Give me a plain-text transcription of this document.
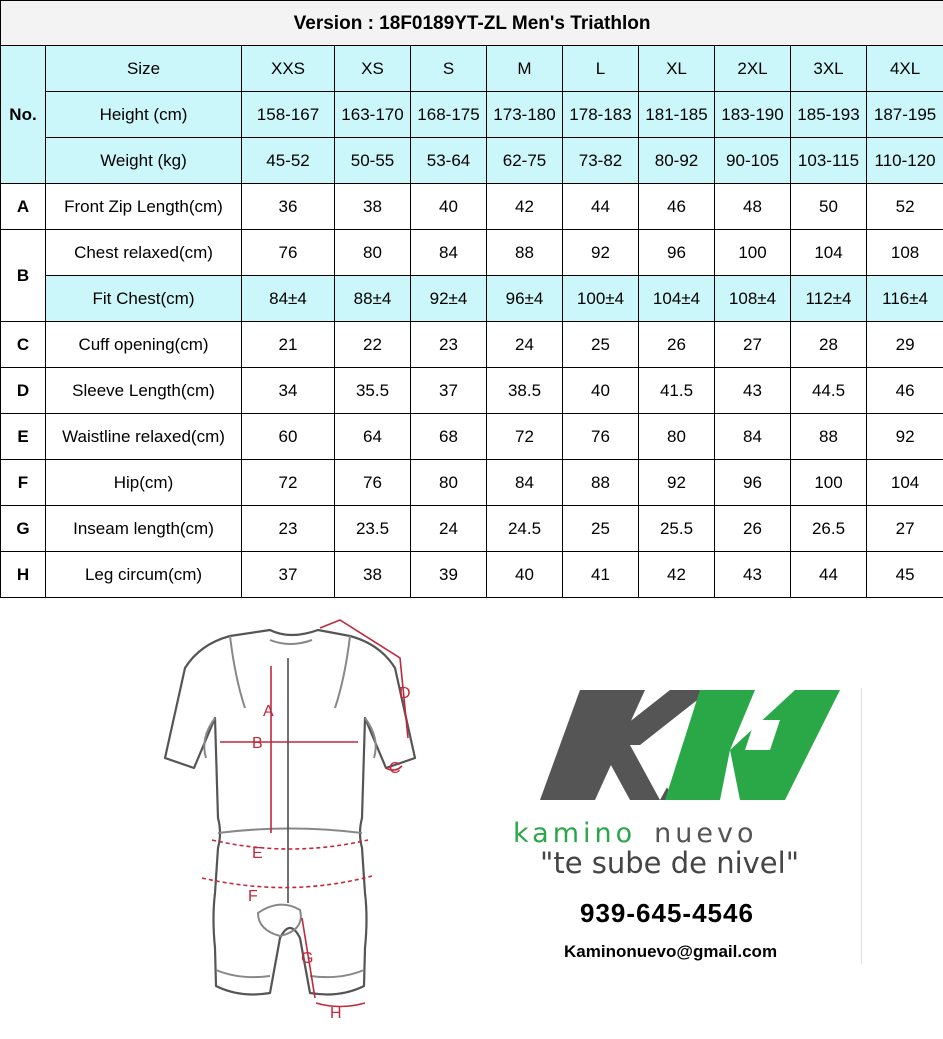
Version : 18F0189YT-ZL Men's Triathlon										
No.	Size	XXS	XS	S	M	L	XL	2XL	3XL	4XL
	Height (cm)	158-167	163-170	168-175	173-180	178-183	181-185	183-190	185-193	187-195
	Weight (kg)	45-52	50-55	53-64	62-75	73-82	80-92	90-105	103-115	110-120
A	Front Zip Length(cm)	36	38	40	42	44	46	48	50	52
B	Chest relaxed(cm)	76	80	84	88	92	96	100	104	108
	Fit Chest(cm)	84±4	88±4	92±4	96±4	100±4	104±4	108±4	112±4	116±4
C	Cuff opening(cm)	21	22	23	24	25	26	27	28	29
D	Sleeve Length(cm)	34	35.5	37	38.5	40	41.5	43	44.5	46
E	Waistline relaxed(cm)	60	64	68	72	76	80	84	88	92
F	Hip(cm)	72	76	80	84	88	92	96	100	104
G	Inseam length(cm)	23	23.5	24	24.5	25	25.5	26	26.5	27
H	Leg circum(cm)	37	38	39	40	41	42	43	44	45
A
B
C
D
E
F
G
H
kamino nuevo
"te sube de nivel"
939-645-4546
Kaminonuevo@gmail.com
